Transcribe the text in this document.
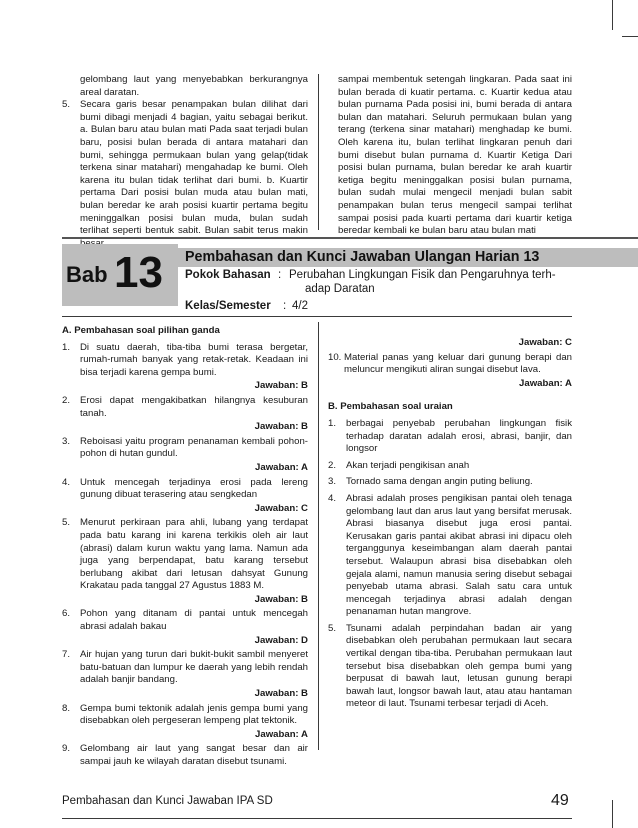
gelombang laut yang menyebabkan berkurangnya areal daratan.
5.	Secara garis besar penampakan bulan dilihat dari bumi dibagi menjadi 4 bagian, yaitu sebagai berikut. a. Bulan baru atau bulan mati Pada saat terjadi bulan baru, posisi bulan berada di antara matahari dan bumi, sehingga permukaan bulan yang gelap(tidak terkena sinar matahari) mengahadap ke bumi. Oleh karena itu bulan tidak terlihat dari bumi. b. Kuartir pertama Dari posisi bulan muda atau bulan mati, bulan beredar ke arah posisi kuartir pertama begitu meninggalkan posisi bulan muda, bulan sudah terlihat seperti bentuk sabit. Bulan sabit terus makin
sampai membentuk setengah lingkaran. Pada saat ini bulan berada di kuatir pertama. c. Kuartir kedua atau bulan purnama Pada posisi ini, bumi berada di antara bulan dan matahari. Seluruh permukaan bulan yang terang (terkena sinar matahari) menghadap ke bumi. Oleh karena itu, bulan terlihat lingkaran penuh dari bumi disebut bulan purnama d. Kuartir Ketiga Dari posisi bulan purnama, bulan beredar ke arah kuartir ketiga begitu meninggalkan posisi bulan purnama, bulan sudah mulai mengecil menjadi bulan sabit penampakan bulan terus mengecil sampai terlihat sampai posisi pada kuarti pertama dari kuartir ketiga beredar kembali ke bulan baru atau bulan mati
Bab 13 Pembahasan dan Kunci Jawaban Ulangan Harian 13
Pokok Bahasan : Perubahan Lingkungan Fisik dan Pengaruhnya terh-
adap Daratan
Kelas/Semester : 4/2
A. Pembahasan soal pilihan ganda
1.	Di suatu daerah, tiba-tiba bumi terasa bergetar, rumah-rumah banyak yang retak-retak. Keadaan ini bisa terjadi karena gempa bumi.
Jawaban: B
2.	Erosi dapat mengakibatkan hilangnya kesuburan tanah.
Jawaban: B
3.	Reboisasi yaitu program penanaman kembali pohon-pohon di hutan gundul.
Jawaban: A
4.	Untuk mencegah terjadinya erosi pada lereng gunung dibuat terasering atau sengkedan
Jawaban: C
5.	Menurut perkiraan para ahli, lubang yang terdapat pada batu karang ini karena terkikis oleh air laut (abrasi) dalam kurun waktu yang lama. Namun ada juga yang berpendapat, batu karang tersebut berlubang akibat dari letusan dahsyat Gunung Krakatau pada tanggal 27 Agustus 1883 M.
Jawaban: B
6.	Pohon yang ditanam di pantai untuk mencegah abrasi adalah bakau
Jawaban: D
7.	Air hujan yang turun dari bukit-bukit sambil menyeret batu-batuan dan lumpur ke daerah yang lebih rendah adalah banjir bandang.
Jawaban: B
8.	Gempa bumi tektonik adalah jenis gempa bumi yang disebabkan oleh pergeseran lempeng plat tektonik.
Jawaban: A
9.	Gelombang air laut yang sangat besar dan air sampai jauh ke wilayah daratan disebut tsunami.
Jawaban: C
10. Material panas yang keluar dari gunung berapi dan meluncur mengikuti aliran sungai disebut lava.
Jawaban: A
B. Pembahasan soal uraian
1.	berbagai penyebab perubahan lingkungan fisik terhadap daratan adalah erosi, abrasi, banjir, dan longsor
2.	Akan terjadi pengikisan anah
3.	Tornado sama dengan angin puting beliung.
4.	Abrasi adalah proses pengikisan pantai oleh tenaga gelombang laut dan arus laut yang bersifat merusak. Abrasi biasanya disebut juga erosi pantai. Kerusakan garis pantai akibat abrasi ini dipacu oleh terganggunya keseimbangan alam daerah pantai tersebut. Walaupun abrasi bisa disebabkan oleh gejala alami, namun manusia sering disebut sebagai penyebab utama abrasi. Salah satu cara untuk mencegah terjadinya abrasi adalah dengan penanaman hutan mangrove.
5.	Tsunami adalah perpindahan badan air yang disebabkan oleh perubahan permukaan laut secara vertikal dengan tiba-tiba. Perubahan permukaan laut tersebut bisa disebabkan oleh gempa bumi yang berpusat di bawah laut, letusan gunung berapi bawah laut, longsor bawah laut, atau atau hantaman meteor di laut. Tsunami terbesar terjadi di Aceh.
Pembahasan dan Kunci Jawaban IPA SD	49
